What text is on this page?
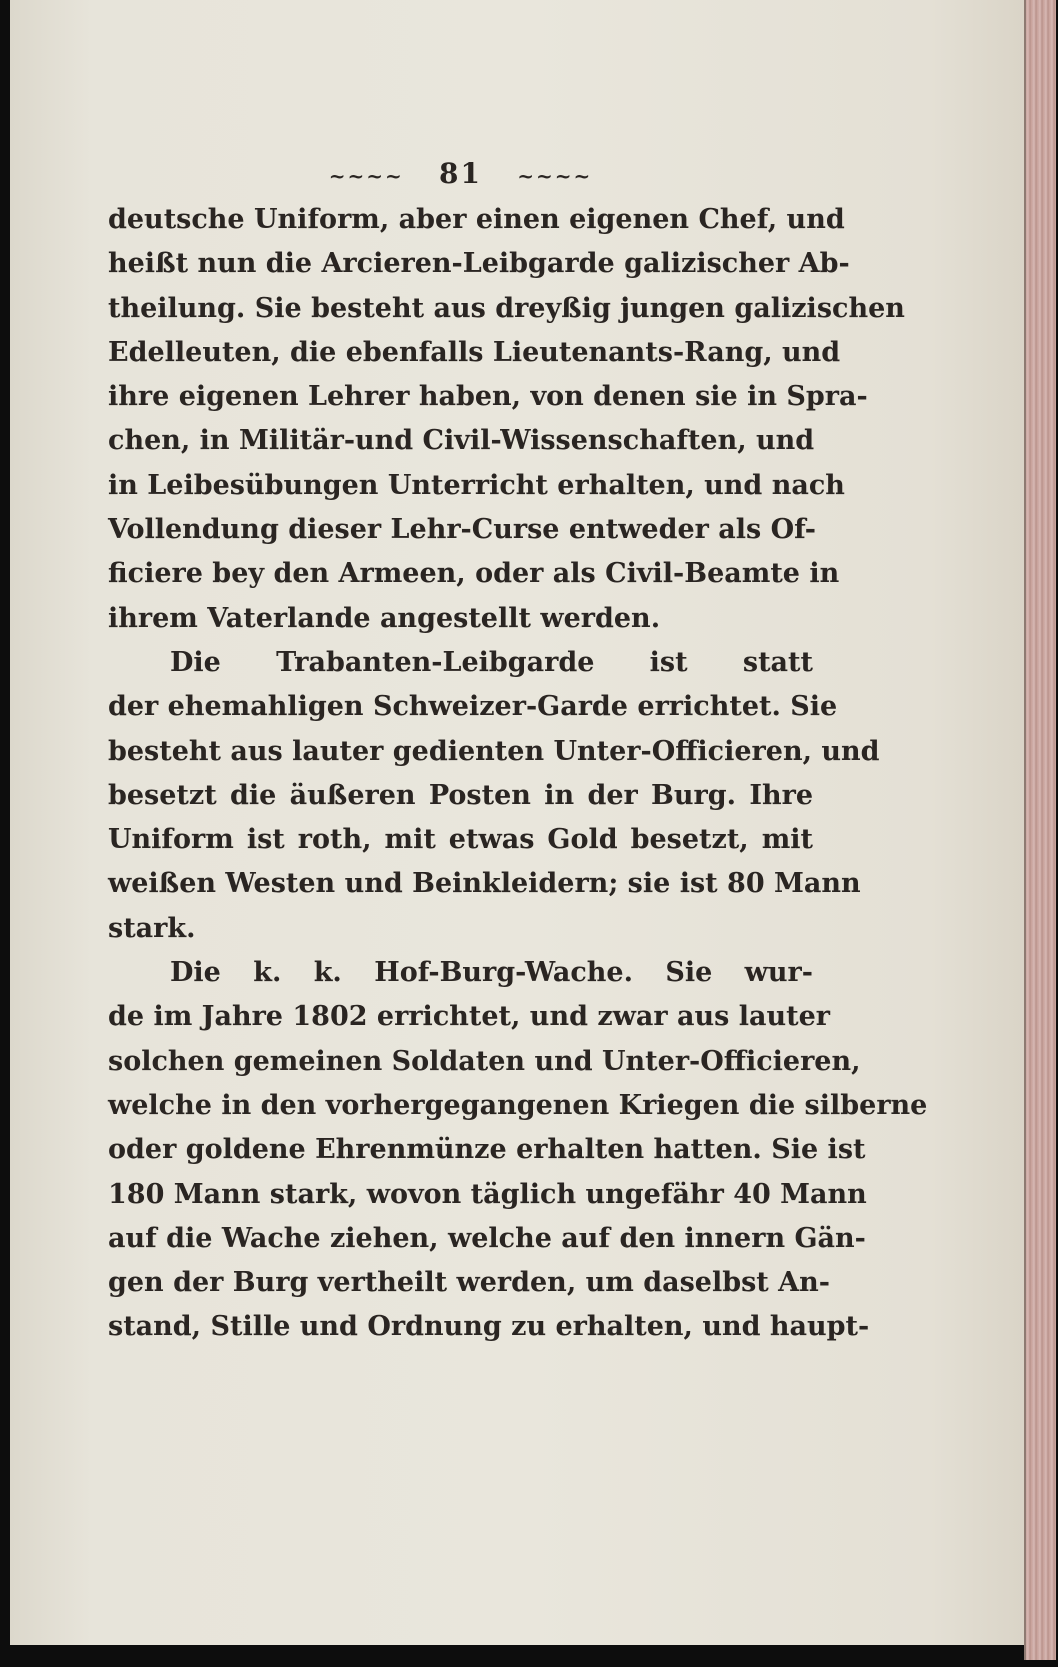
~~~~ 81 ~~~~
deutsche Uniform, aber einen eigenen Chef, und
heißt nun die Arcieren-Leibgarde galizischer Ab-
theilung. Sie besteht aus dreyßig jungen galizischen
Edelleuten, die ebenfalls Lieutenants-Rang, und
ihre eigenen Lehrer haben, von denen sie in Spra-
chen, in Militär-und Civil-Wissenschaften, und
in Leibesübungen Unterricht erhalten, und nach
Vollendung dieser Lehr-Curse entweder als Of-
ficiere bey den Armeen, oder als Civil-Beamte in
ihrem Vaterlande angestellt werden.
Die Trabanten-Leibgarde ist statt
der ehemahligen Schweizer-Garde errichtet. Sie
besteht aus lauter gedienten Unter-Officieren, und
besetzt die äußeren Posten in der Burg. Ihre
Uniform ist roth, mit etwas Gold besetzt, mit
weißen Westen und Beinkleidern; sie ist 80 Mann
stark.
Die k. k. Hof-Burg-Wache. Sie wur-
de im Jahre 1802 errichtet, und zwar aus lauter
solchen gemeinen Soldaten und Unter-Officieren,
welche in den vorhergegangenen Kriegen die silberne
oder goldene Ehrenmünze erhalten hatten. Sie ist
180 Mann stark, wovon täglich ungefähr 40 Mann
auf die Wache ziehen, welche auf den innern Gän-
gen der Burg vertheilt werden, um daselbst An-
stand, Stille und Ordnung zu erhalten, und haupt-
